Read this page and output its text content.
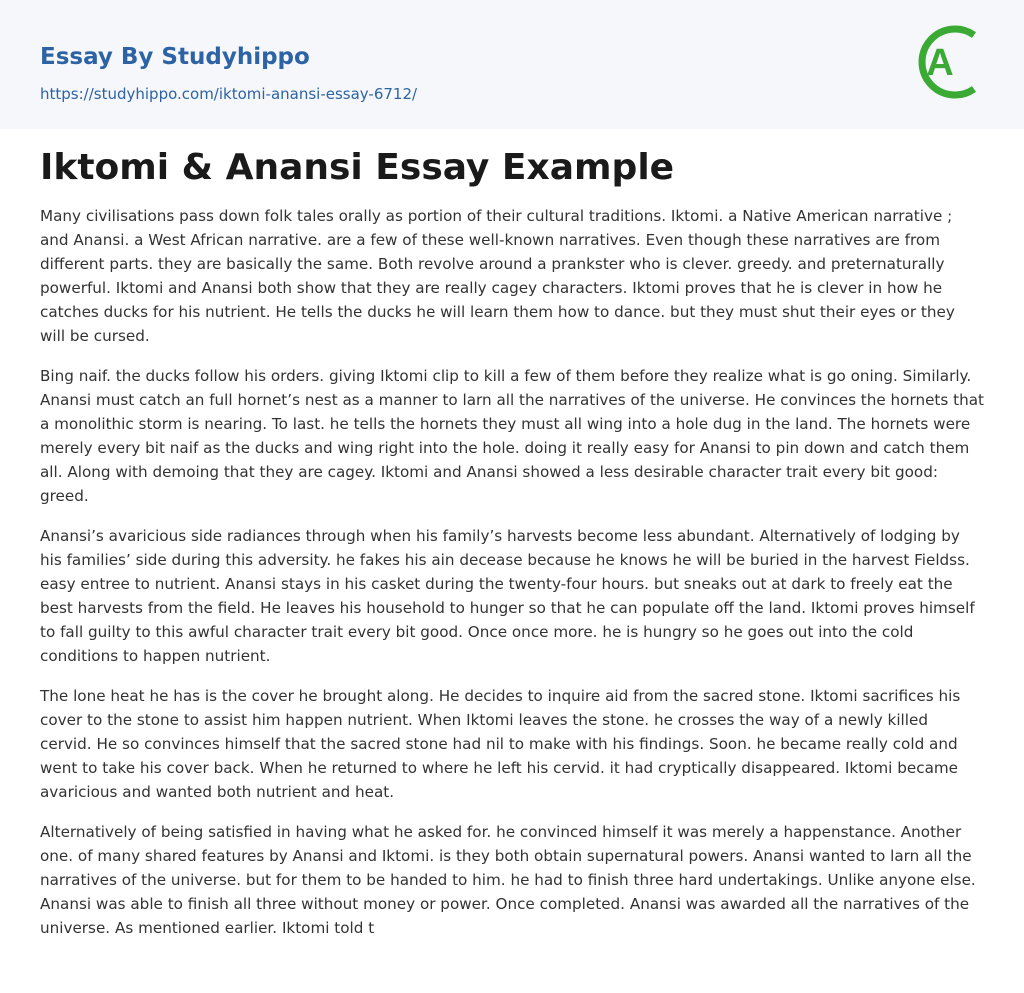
Essay By Studyhippo
https://studyhippo.com/iktomi-anansi-essay-6712/
A
Iktomi & Anansi Essay Example

Many civilisations pass down folk tales orally as portion of their cultural traditions. Iktomi. a Native American narrative ; and Anansi. a West African narrative. are a few of these well-known narratives. Even though these narratives are from different parts. they are basically the same. Both revolve around a prankster who is clever. greedy. and preternaturally powerful. Iktomi and Anansi both show that they are really cagey characters. Iktomi proves that he is clever in how he catches ducks for his nutrient. He tells the ducks he will learn them how to dance. but they must shut their eyes or they will be cursed.

Bing naif. the ducks follow his orders. giving Iktomi clip to kill a few of them before they realize what is go oning. Similarly. Anansi must catch an full hornet’s nest as a manner to larn all the narratives of the universe. He convinces the hornets that a monolithic storm is nearing. To last. he tells the hornets they must all wing into a hole dug in the land. The hornets were merely every bit naif as the ducks and wing right into the hole. doing it really easy for Anansi to pin down and catch them all. Along with demoing that they are cagey. Iktomi and Anansi showed a less desirable character trait every bit good: greed.

Anansi’s avaricious side radiances through when his family’s harvests become less abundant. Alternatively of lodging by his families’ side during this adversity. he fakes his ain decease because he knows he will be buried in the harvest Fieldss. easy entree to nutrient. Anansi stays in his casket during the twenty-four hours. but sneaks out at dark to freely eat the best harvests from the field. He leaves his household to hunger so that he can populate off the land. Iktomi proves himself to fall guilty to this awful character trait every bit good. Once once more. he is hungry so he goes out into the cold conditions to happen nutrient.

The lone heat he has is the cover he brought along. He decides to inquire aid from the sacred stone. Iktomi sacrifices his cover to the stone to assist him happen nutrient. When Iktomi leaves the stone. he crosses the way of a newly killed cervid. He so convinces himself that the sacred stone had nil to make with his findings. Soon. he became really cold and went to take his cover back. When he returned to where he left his cervid. it had cryptically disappeared. Iktomi became avaricious and wanted both nutrient and heat.

Alternatively of being satisfied in having what he asked for. he convinced himself it was merely a happenstance. Another one. of many shared features by Anansi and Iktomi. is they both obtain supernatural powers. Anansi wanted to larn all the narratives of the universe. but for them to be handed to him. he had to finish three hard undertakings. Unlike anyone else. Anansi was able to finish all three without money or power. Once completed. Anansi was awarded all the narratives of the universe. As mentioned earlier. Iktomi told t
